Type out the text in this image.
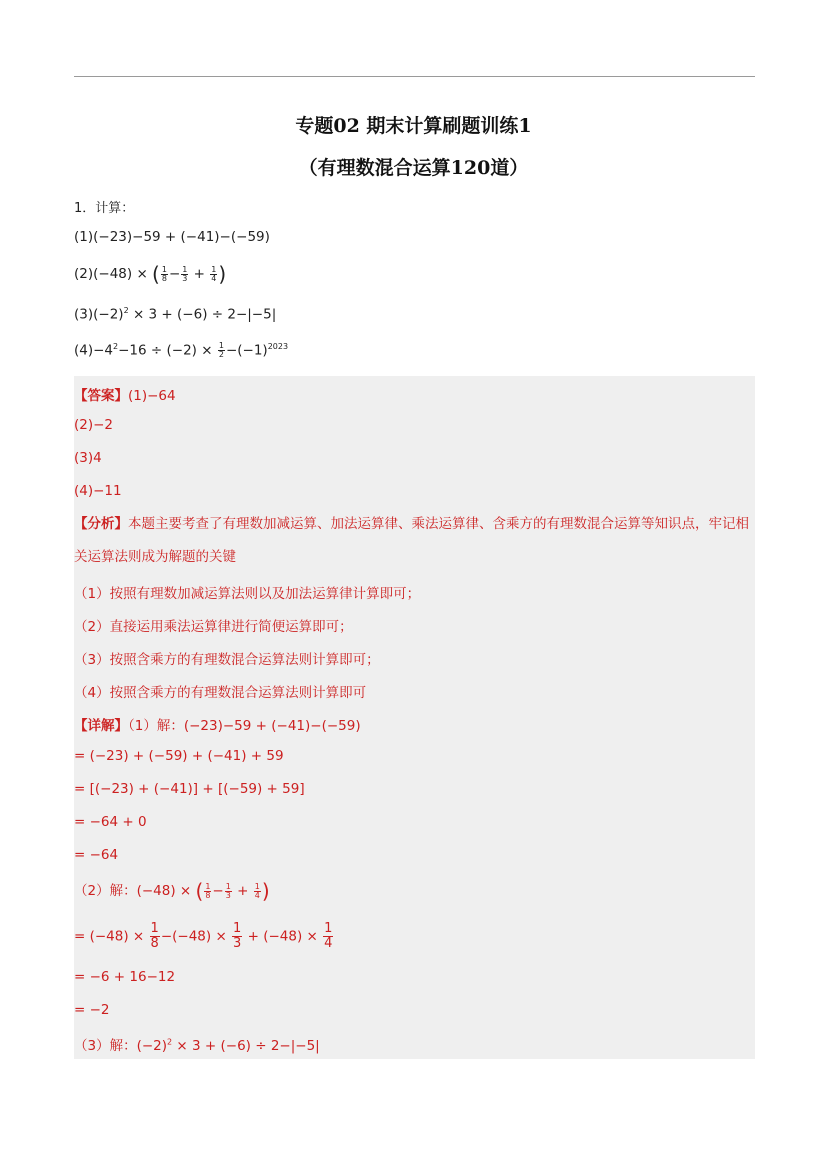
专题02 期末计算刷题训练1
（有理数混合运算120道）
1．计算：
(1)(−23)−59 + (−41)−(−59)
(2)(−48) × ( $\frac{1}{8} - \frac{1}{3} + \frac{1}{4}$ )
$(3)(-2)^2 \times 3 + (-6) \div 2-|-5|$
$(4)-4^2-16 \div (-2) \times \frac{1}{2} -(-1)^{2023}$
【答案】(1)−64
(2)−2
(3)4
(4)−11
【分析】本题主要考查了有理数加减运算、加法运算律、乘法运算律、含乘方的有理数混合运算等知识点，牢记相关运算法则成为解题的关键
（1）按照有理数加减运算法则以及加法运算律计算即可；
（2）直接运用乘法运算律进行简便运算即可；
（3）按照含乘方的有理数混合运算法则计算即可；
（4）按照含乘方的有理数混合运算法则计算即可
【详解】（1）解：(−23)−59 + (−41)−(−59)
= (−23) + (−59) + (−41) + 59
= [(−23) + (−41)] + [(−59) + 59]
= −64 + 0
= −64
（2）解：(−48) × ( $\frac{1}{8} - \frac{1}{3} + \frac{1}{4}$ )
= $(-48) \times \frac{1}{8} -(-48) \times \frac{1}{3} + (-48) \times \frac{1}{4}$
= −6 + 16−12
= −2
（3）解：$(-2)^2 \times 3 + (-6) \div 2-|-5|$
